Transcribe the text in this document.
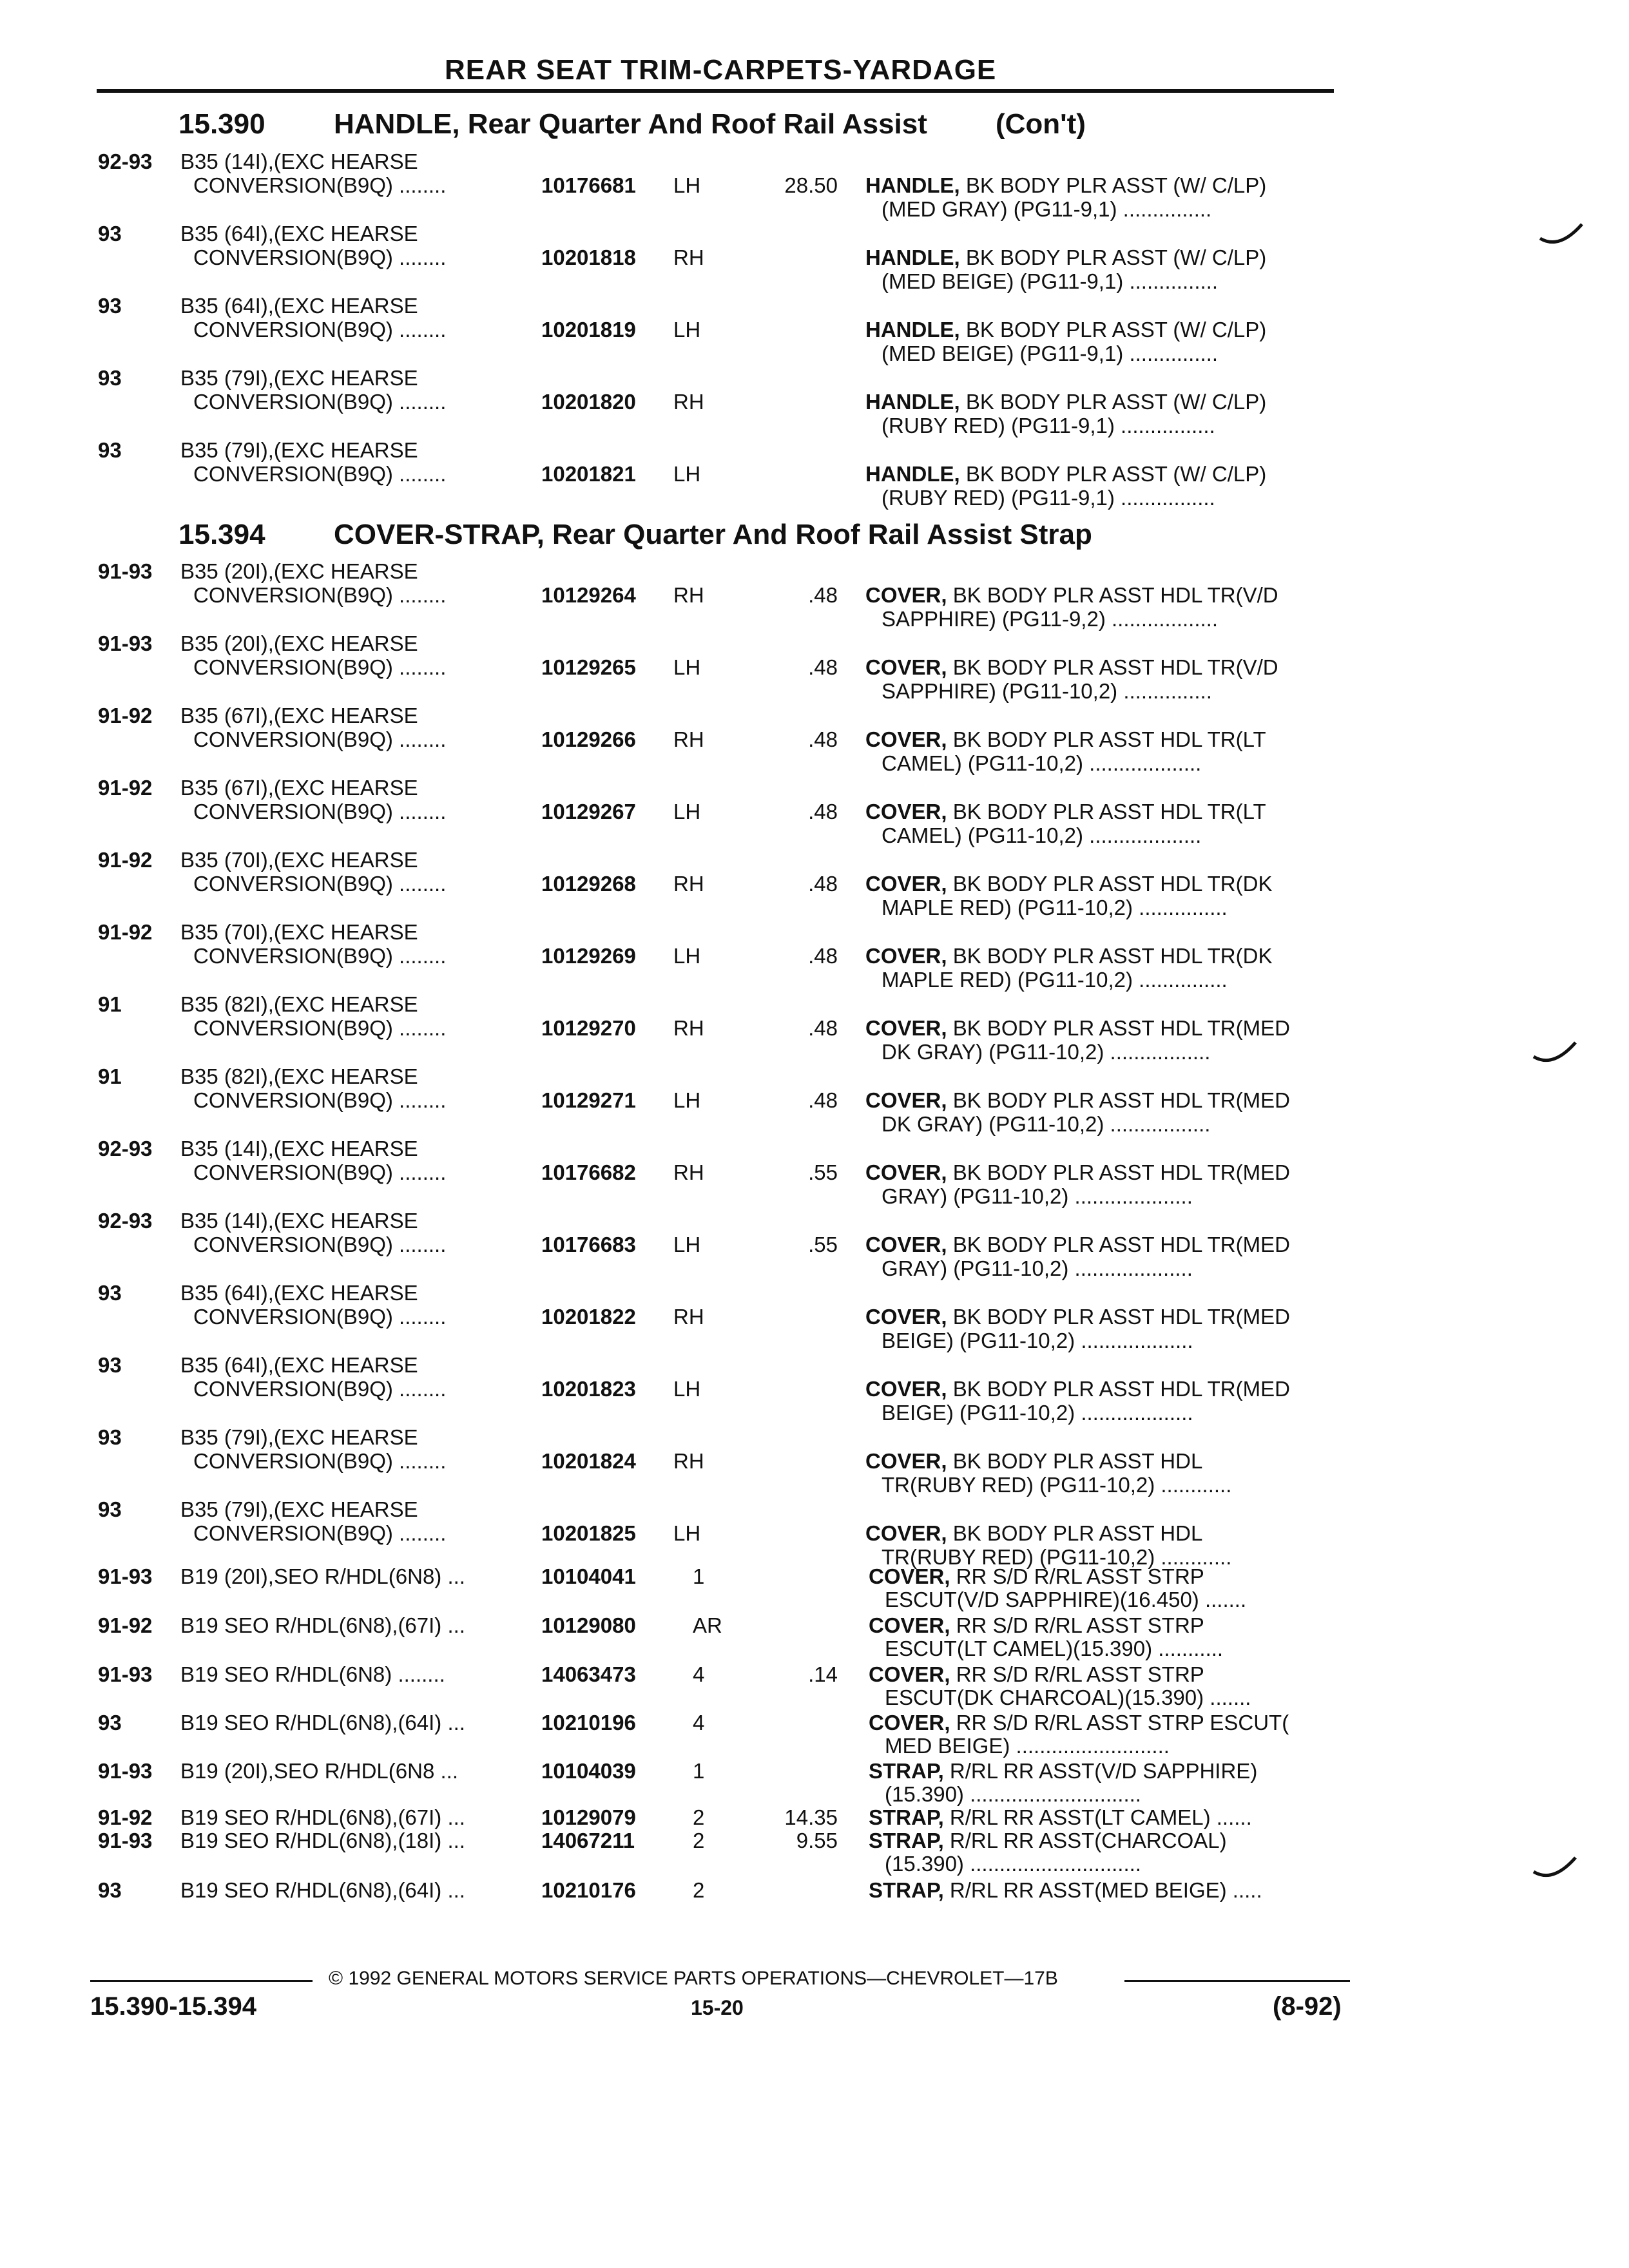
REAR SEAT TRIM-CARPETS-YARDAGE
15.390 HANDLE, Rear Quarter And Roof Rail Assist (Con't)
92-93 B35 (14I),(EXC HEARSE
CONVERSION(B9Q) ........	10176681 LH	28.50 HANDLE, BK BODY PLR ASST (W/ C/LP)
(MED GRAY) (PG11-9,1) ...............
93	B35 (64I),(EXC HEARSE
CONVERSION(B9Q) ........	10201818 RH	HANDLE, BK BODY PLR ASST (W/ C/LP)
(MED BEIGE) (PG11-9,1) ...............
93	B35 (64I),(EXC HEARSE
CONVERSION(B9Q) ........	10201819 LH	HANDLE, BK BODY PLR ASST (W/ C/LP)
(MED BEIGE) (PG11-9,1) ...............
93	B35 (79I),(EXC HEARSE
CONVERSION(B9Q) ........	10201820 RH	HANDLE, BK BODY PLR ASST (W/ C/LP)
(RUBY RED) (PG11-9,1) ................
93	B35 (79I),(EXC HEARSE
CONVERSION(B9Q) ........	10201821 LH	HANDLE, BK BODY PLR ASST (W/ C/LP)
(RUBY RED) (PG11-9,1) ................
15.394 COVER-STRAP, Rear Quarter And Roof Rail Assist Strap
91-93 B35 (20I),(EXC HEARSE
CONVERSION(B9Q) ........	10129264 RH	.48 COVER, BK BODY PLR ASST HDL TR(V/D
SAPPHIRE) (PG11-9,2) ..................
91-93 B35 (20I),(EXC HEARSE
CONVERSION(B9Q) ........	10129265 LH	.48 COVER, BK BODY PLR ASST HDL TR(V/D
SAPPHIRE) (PG11-10,2) ...............
91-92 B35 (67I),(EXC HEARSE
CONVERSION(B9Q) ........	10129266 RH	.48 COVER, BK BODY PLR ASST HDL TR(LT
CAMEL) (PG11-10,2) ...................
91-92 B35 (67I),(EXC HEARSE
CONVERSION(B9Q) ........	10129267 LH	.48 COVER, BK BODY PLR ASST HDL TR(LT
CAMEL) (PG11-10,2) ...................
91-92 B35 (70I),(EXC HEARSE
CONVERSION(B9Q) ........	10129268 RH	.48 COVER, BK BODY PLR ASST HDL TR(DK
MAPLE RED) (PG11-10,2) ...............
91-92 B35 (70I),(EXC HEARSE
CONVERSION(B9Q) ........	10129269 LH	.48 COVER, BK BODY PLR ASST HDL TR(DK
MAPLE RED) (PG11-10,2) ...............
91	B35 (82I),(EXC HEARSE
CONVERSION(B9Q) ........	10129270 RH	.48 COVER, BK BODY PLR ASST HDL TR(MED
DK GRAY) (PG11-10,2) .................
91	B35 (82I),(EXC HEARSE
CONVERSION(B9Q) ........	10129271 LH	.48 COVER, BK BODY PLR ASST HDL TR(MED
DK GRAY) (PG11-10,2) .................
92-93 B35 (14I),(EXC HEARSE
CONVERSION(B9Q) ........	10176682 RH	.55 COVER, BK BODY PLR ASST HDL TR(MED
GRAY) (PG11-10,2) ....................
92-93 B35 (14I),(EXC HEARSE
CONVERSION(B9Q) ........	10176683 LH	.55 COVER, BK BODY PLR ASST HDL TR(MED
GRAY) (PG11-10,2) ....................
93	B35 (64I),(EXC HEARSE
CONVERSION(B9Q) ........	10201822 RH	COVER, BK BODY PLR ASST HDL TR(MED
BEIGE) (PG11-10,2) ...................
93	B35 (64I),(EXC HEARSE
CONVERSION(B9Q) ........	10201823 LH	COVER, BK BODY PLR ASST HDL TR(MED
BEIGE) (PG11-10,2) ...................
93	B35 (79I),(EXC HEARSE
CONVERSION(B9Q) ........	10201824 RH	COVER, BK BODY PLR ASST HDL
TR(RUBY RED) (PG11-10,2) ............
93	B35 (79I),(EXC HEARSE
CONVERSION(B9Q) ........	10201825 LH	COVER, BK BODY PLR ASST HDL
TR(RUBY RED) (PG11-10,2) ............
91-93 B19 (20I),SEO R/HDL(6N8) ...	10104041	1	COVER, RR S/D R/RL ASST STRP
ESCUT(V/D SAPPHIRE)(16.450) .......
91-92 B19 SEO R/HDL(6N8),(67I) ...	10129080	AR	COVER, RR S/D R/RL ASST STRP
ESCUT(LT CAMEL)(15.390) ...........
91-93 B19 SEO R/HDL(6N8) ........	14063473	4	.14 COVER, RR S/D R/RL ASST STRP
ESCUT(DK CHARCOAL)(15.390) .......
93	B19 SEO R/HDL(6N8),(64I) ...	10210196	4	COVER, RR S/D R/RL ASST STRP ESCUT(
MED BEIGE) ..........................
91-93 B19 (20I),SEO R/HDL(6N8 ...	10104039	1	STRAP, R/RL RR ASST(V/D SAPPHIRE)
(15.390) .............................
91-92 B19 SEO R/HDL(6N8),(67I) ...	10129079	2	14.35 STRAP, R/RL RR ASST(LT CAMEL) ......
91-93 B19 SEO R/HDL(6N8),(18I) ...	14067211	2	9.55 STRAP, R/RL RR ASST(CHARCOAL)
(15.390) .............................
93	B19 SEO R/HDL(6N8),(64I) ...	10210176	2	STRAP, R/RL RR ASST(MED BEIGE) .....
© 1992 GENERAL MOTORS SERVICE PARTS OPERATIONS—CHEVROLET—17B
15.390-15.394	15-20	(8-92)
